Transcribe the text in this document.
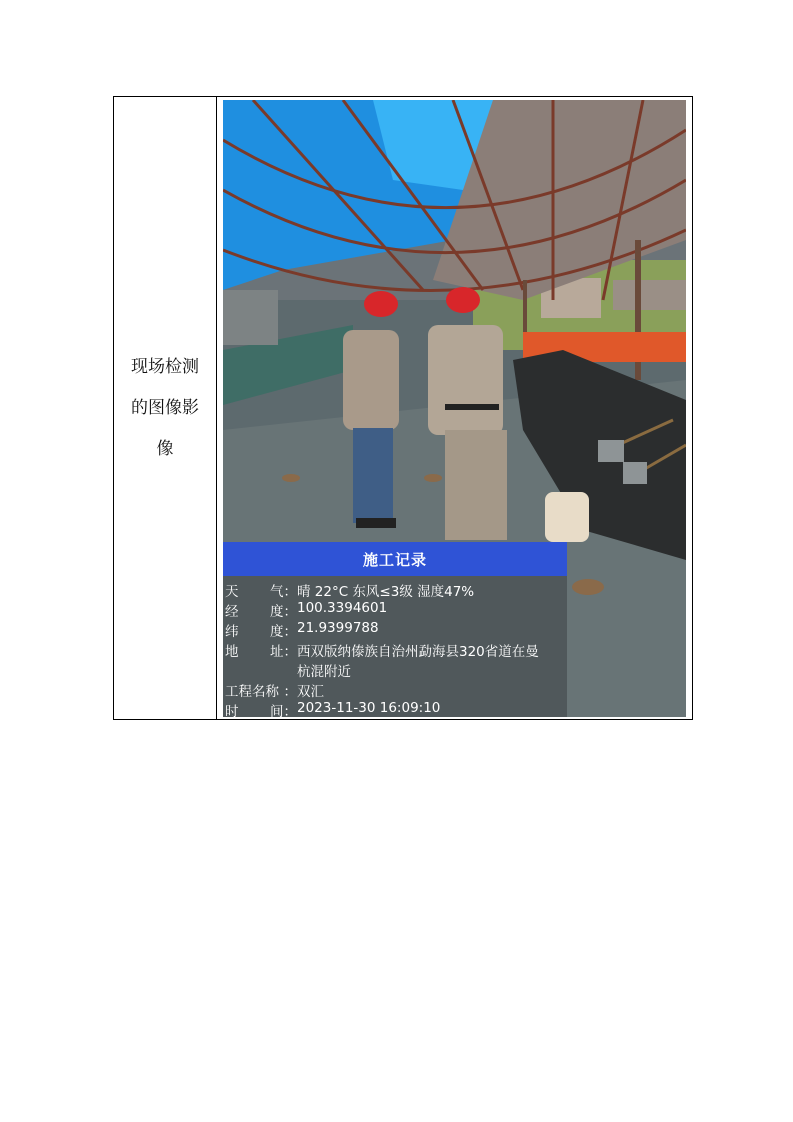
现场检测
的图像影
像
施工记录
天 气： 晴 22°C 东风≤3级 湿度47%
经 度： 100.3394601
纬 度： 21.9399788
地 址： 西双版纳傣族自治州勐海县320省道在曼
杭混附近
工程名称 ： 双汇
时 间： 2023-11-30 16:09:10
